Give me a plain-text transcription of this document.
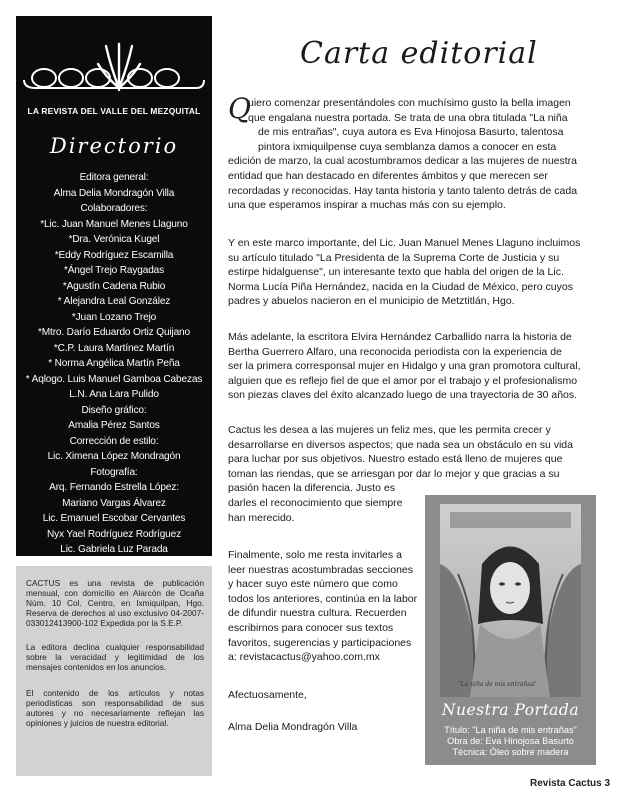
LA REVISTA DEL VALLE DEL MEZQUITAL
Directorio
Editora general:
Alma Delia Mondragón Villa
Colaboradores:
*Lic. Juan Manuel Menes Llaguno
*Dra. Verónica Kugel
*Eddy Rodríguez Escamilla
*Ángel Trejo Raygadas
*Agustín Cadena Rubio
* Alejandra Leal González
*Juan Lozano Trejo
*Mtro. Darío Eduardo Ortiz Quijano
*C.P. Laura Martínez Martín
* Norma Angélica Martín Peña
* Aqlogo. Luis Manuel Gamboa Cabezas
L.N. Ana Lara Pulido
Diseño gráfico:
Amalia Pérez Santos
Corrección de estilo:
Lic. Ximena López Mondragón
Fotografía:
Arq. Fernando Estrella López:
Mariano Vargas Álvarez
Lic. Emanuel Escobar Cervantes
Nyx Yael Rodríguez Rodríguez
Lic. Gabriela Luz Parada

CACTUS es una revista de publicación mensual, con domicilio en Alarcón de Ocaña Núm. 10 Col. Centro, en Ixmiquilpan, Hgo. Reserva de derechos al uso exclusivo 04-2007-033012413900-102 Expedida por la S.E.P.

La editora declina cualquier responsabilidad sobre la veracidad y legitimidad de los mensajes contenidos en los anuncios.

El contenido de los artículos y notas periodísticas son responsabilidad de sus autores y no necesariamente reflejan las opiniones y juicios de nuestra editorial.

Carta editorial
Q
uiero comenzar presentándoles con muchísimo gusto la bella imagen
que engalana nuestra portada. Se trata de una obra titulada "La niña
de mis entrañas", cuya autora es Eva Hinojosa Basurto, talentosa
pintora ixmiquilpense cuya semblanza damos a conocer en esta
edición de marzo, la cual acostumbramos dedicar a las mujeres de nuestra
entidad que han destacado en diferentes ámbitos y que merecen ser
recordadas y reconocidas. Hay tanta historia y tanto talento detrás de cada
una que esperamos inspirar a muchas más con su ejemplo.
Y en este marco importante, del Lic. Juan Manuel Menes Llaguno incluimos
su artículo titulado "La Presidenta de la Suprema Corte de Justicia y su
estirpe hidalguense", un interesante texto que habla del origen de la Lic.
Norma Lucía Piña Hernández, nacida en la Ciudad de México, pero cuyos
padres y abuelos nacieron en el municipio de Metztitlán, Hgo.
Más adelante, la escritora Elvira Hernández Carballido narra la historia de
Bertha Guerrero Alfaro, una reconocida periodista con la experiencia de
ser la primera corresponsal mujer en Hidalgo y una gran promotora cultural,
alguien que es reflejo fiel de que el amor por el trabajo y el profesionalismo
son piezas claves del éxito alcanzado luego de una trayectoria de 30 años.
Cactus les desea a las mujeres un feliz mes, que les permita crecer y
desarrollarse en diversos aspectos; que nada sea un obstáculo en su vida
para luchar por sus objetivos. Nuestro estado está lleno de mujeres que
toman las riendas, que se arriesgan por dar lo mejor y que gracias a su
pasión hacen la diferencia. Justo es
darles el reconocimiento que siempre
han merecido.
Finalmente, solo me resta invitarles a
leer nuestras acostumbradas secciones
y hacer suyo este número que como
todos los anteriores, continúa en la labor
de difundir nuestra cultura. Recuerden
escribirnos para conocer sus textos
favoritos, sugerencias y participaciones
a: revistacactus@yahoo.com.mx
Afectuosamente,
Alma Delia Mondragón Villa
"La niña de mis entrañas"
Nuestra Portada
Título: "La niña de mis entrañas"
Obra de: Eva Hinojosa Basurto
Técnica: Óleo sobre madera
Revista Cactus 3
